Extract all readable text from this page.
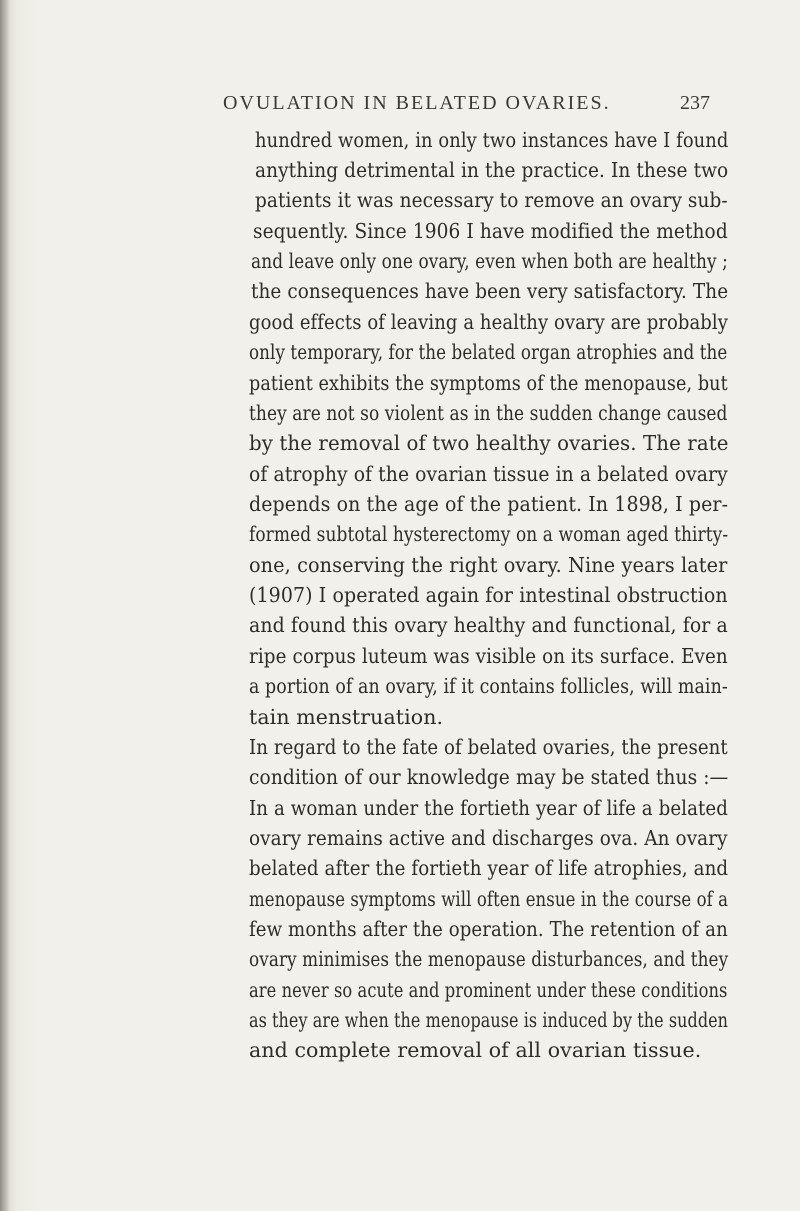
OVULATION IN BELATED OVARIES.	237
hundred women, in only two instances have I found
anything detrimental in the practice. In these two
patients it was necessary to remove an ovary sub-
sequently. Since 1906 I have modified the method
and leave only one ovary, even when both are healthy ;
the consequences have been very satisfactory. The
good effects of leaving a healthy ovary are probably
only temporary, for the belated organ atrophies and the
patient exhibits the symptoms of the menopause, but
they are not so violent as in the sudden change caused
by the removal of two healthy ovaries. The rate
of atrophy of the ovarian tissue in a belated ovary
depends on the age of the patient. In 1898, I per-
formed subtotal hysterectomy on a woman aged thirty-
one, conserving the right ovary. Nine years later
(1907) I operated again for intestinal obstruction
and found this ovary healthy and functional, for a
ripe corpus luteum was visible on its surface. Even
a portion of an ovary, if it contains follicles, will main-
tain menstruation.
In regard to the fate of belated ovaries, the present
condition of our knowledge may be stated thus :—
In a woman under the fortieth year of life a belated
ovary remains active and discharges ova. An ovary
belated after the fortieth year of life atrophies, and
menopause symptoms will often ensue in the course of a
few months after the operation. The retention of an
ovary minimises the menopause disturbances, and they
are never so acute and prominent under these conditions
as they are when the menopause is induced by the sudden
and complete removal of all ovarian tissue.
